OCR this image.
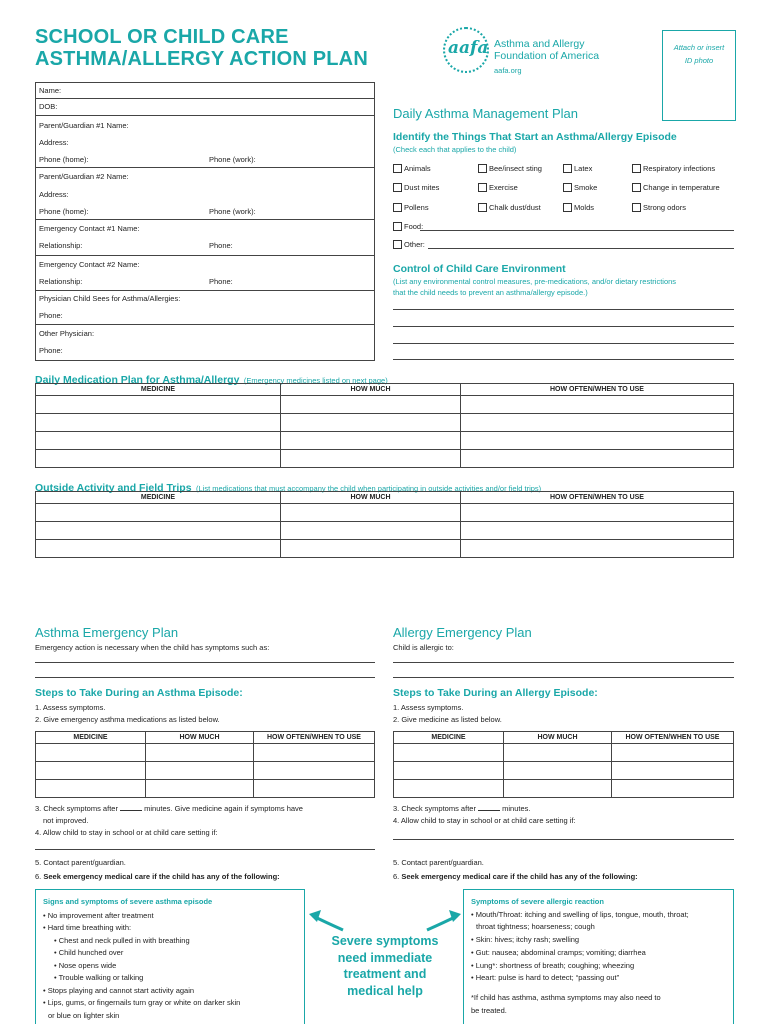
SCHOOL OR CHILD CARE
ASTHMA/ALLERGY ACTION PLAN	aafa Asthma and Allergy
Foundation of America
aafa.org
Attach or insert
ID photo
Name:
DOB:
Parent/Guardian #1 Name:
Address:
Phone (home):	Phone (work):
Parent/Guardian #2 Name:
Address:
Phone (home):	Phone (work):
Emergency Contact #1 Name:
Relationship:	Phone:
Emergency Contact #2 Name:
Relationship:	Phone:
Physician Child Sees for Asthma/Allergies:
Phone:
Other Physician:
Phone:
Daily Asthma Management Plan
Identify the Things That Start an Asthma/Allergy Episode
(Check each that applies to the child)
Animals	Bee/insect sting	Latex	Respiratory infections
Dust mites	Exercise	Smoke	Change in temperature
Pollens	Chalk dust/dust	Molds	Strong odors
Food:
Other:
Control of Child Care Environment
(List any environmental control measures, pre-medications, and/or dietary restrictions
that the child needs to prevent an asthma/allergy episode.)
Daily Medication Plan for Asthma/Allergy (Emergency medicines listed on next page)
MEDICINE	HOW MUCH	HOW OFTEN/WHEN TO USE

Outside Activity and Field Trips (List medications that must accompany the child when participating in outside activities and/or field trips)
MEDICINE	HOW MUCH	HOW OFTEN/WHEN TO USE

Asthma Emergency Plan
Emergency action is necessary when the child has symptoms such as:
Steps to Take During an Asthma Episode:
1. Assess symptoms.
2. Give emergency asthma medications as listed below.
MEDICINE	HOW MUCH	HOW OFTEN/WHEN TO USE

3. Check symptoms after	minutes. Give medicine again if symptoms have
not improved.
4. Allow child to stay in school or at child care setting if:
5. Contact parent/guardian.
6. Seek emergency medical care if the child has any of the following:
Allergy Emergency Plan
Child is allergic to:
Steps to Take During an Allergy Episode:
1. Assess symptoms.
2. Give medicine as listed below.
MEDICINE	HOW MUCH	HOW OFTEN/WHEN TO USE

3. Check symptoms after	minutes.
4. Allow child to stay in school or at child care setting if:
5. Contact parent/guardian.
6. Seek emergency medical care if the child has any of the following:
Signs and symptoms of severe asthma episode
• No improvement after treatment
• Hard time breathing with:
• Chest and neck pulled in with breathing
• Child hunched over
• Nose opens wide
• Trouble walking or talking
• Stops playing and cannot start activity again
• Lips, gums, or fingernails turn gray or white on darker skin
or blue on lighter skin
Severe symptoms
need immediate
treatment and
medical help
Symptoms of severe allergic reaction
• Mouth/Throat: itching and swelling of lips, tongue, mouth, throat;
throat tightness; hoarseness; cough
• Skin: hives; itchy rash; swelling
• Gut: nausea; abdominal cramps; vomiting; diarrhea
• Lung*: shortness of breath; coughing; wheezing
• Heart: pulse is hard to detect; “passing out”
*If child has asthma, asthma symptoms may also need to
be treated.
